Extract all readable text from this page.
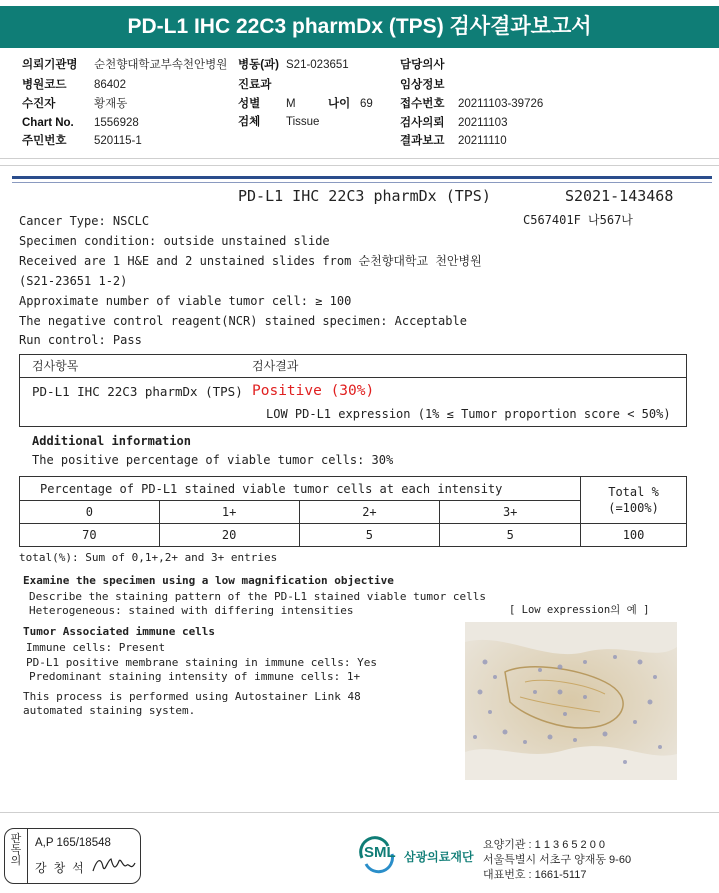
PD-L1 IHC 22C3 pharmDx (TPS) 검사결과보고서
의뢰기관명 순천향대학교부속천안병원 병동(과) S21-023651	담당의사
병원코드 86402	진료과	임상정보
수진자	황재동	성별 M	나이 69 접수번호 20211103-39726
Chart No. 1556928	검체 Tissue	검사의뢰 20211103
주민번호 520115-1	결과보고 20211110
PD-L1 IHC 22C3 pharmDx (TPS)	S2021-143468
Cancer Type: NSCLC	C567401F 나567나
Specimen condition: outside unstained slide
Received are 1 H&E and 2 unstained slides from 순천향대학교 천안병원
(S21-23651 1-2)
Approximate number of viable tumor cell: ≥ 100
The negative control reagent(NCR) stained specimen: Acceptable
Run control: Pass
검사항목	검사결과
PD-L1 IHC 22C3 pharmDx (TPS) Positive (30%)
LOW PD-L1 expression (1% ≤ Tumor proportion score < 50%)
Additional information
The positive percentage of viable tumor cells: 30%
Percentage of PD-L1 stained viable tumor cells at each intensity				Total %
(=100%)

0	1+	2+	3+	
70	20	5	5	100
total(%): Sum of 0,1+,2+ and 3+ entries
Examine the specimen using a low magnification objective
Describe the staining pattern of the PD-L1 stained viable tumor cells
Heterogeneous: stained with differing intensities	[ Low expression의 예 ]
Tumor Associated immune cells
Immune cells: Present
PD-L1 positive membrane staining in immune cells: Yes
Predominant staining intensity of immune cells: 1+
This process is performed using Autostainer Link 48
automated staining system.
판독의
A,P 165/18548
강 창 석
SML 삼광의료재단
요양기관 : 1 1 3 6 5 2 0 0
서울특별시 서초구 양재동 9-60
대표번호 : 1661-5117
